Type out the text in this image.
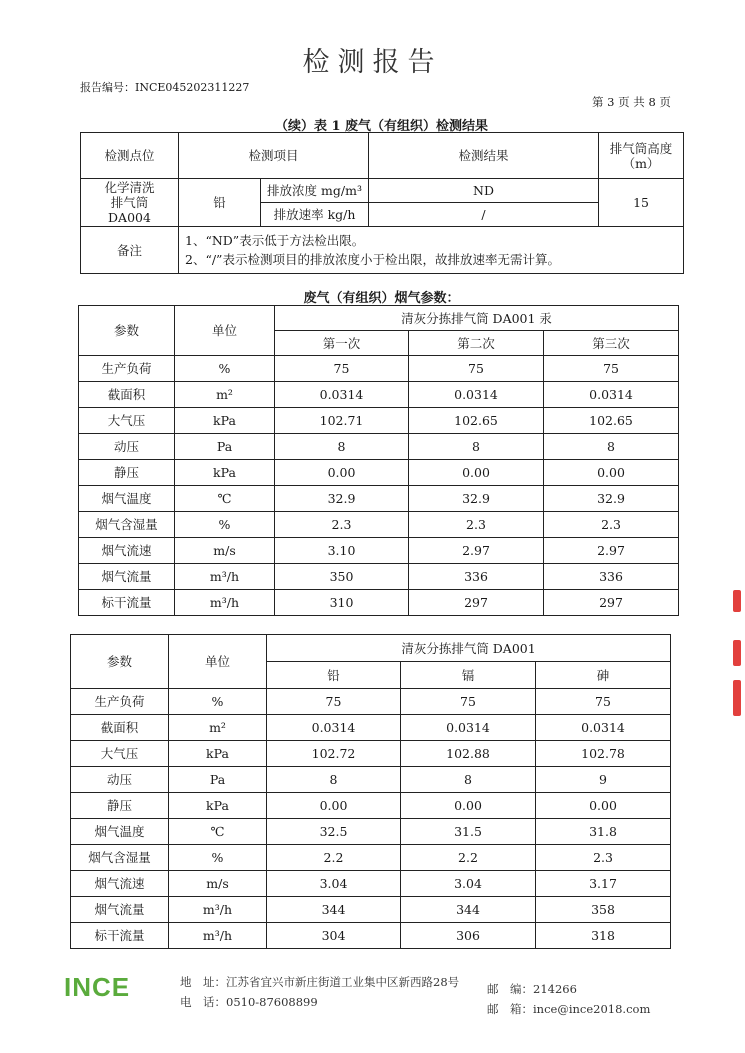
检测报告
报告编号：INCE045202311227
第 3 页 共 8 页
（续）表 1 废气（有组织）检测结果
检测点位	检测项目		检测结果	排气筒高度
（m）

化学清洗
排气筒
DA004	铅	排放浓度 mg/m³	ND	15
		排放速率 kg/h	/	
备注	1、“ND”表示低于方法检出限。
2、“/”表示检测项目的排放浓度小于检出限，故排放速率无需计算。			
废气（有组织）烟气参数：
参数	单位	清灰分拣排气筒 DA001 汞		
		第一次	第二次	第三次
生产负荷	%	75	75	75
截面积	m²	0.0314	0.0314	0.0314
大气压	kPa	102.71	102.65	102.65
动压	Pa	8	8	8
静压	kPa	0.00	0.00	0.00
烟气温度	℃	32.9	32.9	32.9
烟气含湿量	%	2.3	2.3	2.3
烟气流速	m/s	3.10	2.97	2.97
烟气流量	m³/h	350	336	336
标干流量	m³/h	310	297	297
参数	单位	清灰分拣排气筒 DA001		
		铅	镉	砷
生产负荷	%	75	75	75
截面积	m²	0.0314	0.0314	0.0314
大气压	kPa	102.72	102.88	102.78
动压	Pa	8	8	9
静压	kPa	0.00	0.00	0.00
烟气温度	℃	32.5	31.5	31.8
烟气含湿量	%	2.2	2.2	2.3
烟气流速	m/s	3.04	3.04	3.17
烟气流量	m³/h	344	344	358
标干流量	m³/h	304	306	318
INCE	地　址：江苏省宜兴市新庄街道工业集中区新西路28号
电　话：0510-87608899
邮　编：214266
邮　箱：ince@ince2018.com
